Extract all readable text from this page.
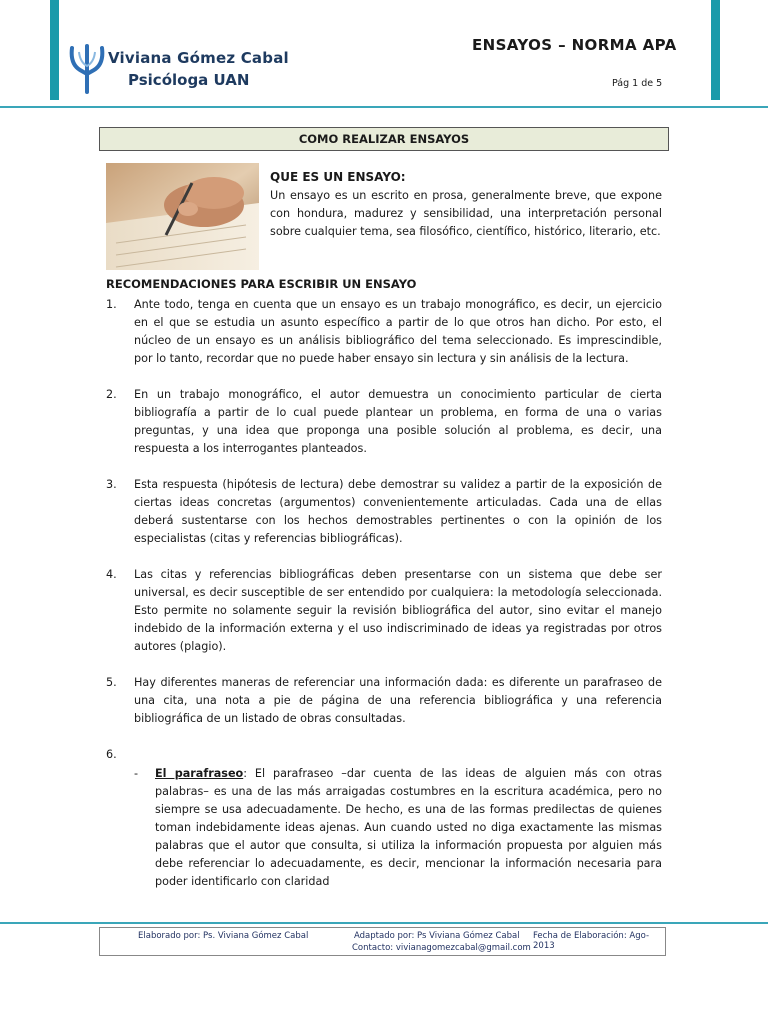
Viviana Gómez Cabal
Psicóloga UAN
ENSAYOS – NORMA APA
Pág 1 de 5
COMO REALIZAR ENSAYOS
QUE ES UN ENSAYO:
Un ensayo es un escrito en prosa, generalmente breve, que expone con hondura, madurez y sensibilidad, una interpretación personal sobre cualquier tema, sea filosófico, científico, histórico, literario, etc.
RECOMENDACIONES PARA ESCRIBIR UN ENSAYO
1. Ante todo, tenga en cuenta que un ensayo es un trabajo monográfico, es decir, un ejercicio en el que se estudia un asunto específico a partir de lo que otros han dicho. Por esto, el núcleo de un ensayo es un análisis bibliográfico del tema seleccionado. Es imprescindible, por lo tanto, recordar que no puede haber ensayo sin lectura y sin análisis de la lectura.
2. En un trabajo monográfico, el autor demuestra un conocimiento particular de cierta bibliografía a partir de lo cual puede plantear un problema, en forma de una o varias preguntas, y una idea que proponga una posible solución al problema, es decir, una respuesta a los interrogantes planteados.
3. Esta respuesta (hipótesis de lectura) debe demostrar su validez a partir de la exposición de ciertas ideas concretas (argumentos) convenientemente articuladas. Cada una de ellas deberá sustentarse con los hechos demostrables pertinentes o con la opinión de los especialistas (citas y referencias bibliográficas).
4. Las citas y referencias bibliográficas deben presentarse con un sistema que debe ser universal, es decir susceptible de ser entendido por cualquiera: la metodología seleccionada. Esto permite no solamente seguir la revisión bibliográfica del autor, sino evitar el manejo indebido de la información externa y el uso indiscriminado de ideas ya registradas por otros autores (plagio).
5. Hay diferentes maneras de referenciar una información dada: es diferente un parafraseo de una cita, una nota a pie de página de una referencia bibliográfica y una referencia bibliográfica de un listado de obras consultadas.
6.
- El parafraseo: El parafraseo –dar cuenta de las ideas de alguien más con otras palabras– es una de las más arraigadas costumbres en la escritura académica, pero no siempre se usa adecuadamente. De hecho, es una de las formas predilectas de quienes toman indebidamente ideas ajenas. Aun cuando usted no diga exactamente las mismas palabras que el autor que consulta, si utiliza la información propuesta por alguien más debe referenciar lo adecuadamente, es decir, mencionar la información necesaria para poder identificarlo con claridad
Elaborado por: Ps. Viviana Gómez Cabal	Adaptado por: Ps Viviana Gómez Cabal
Contacto: vivianagomezcabal@gmail.com
Fecha de Elaboración: Ago-2013
